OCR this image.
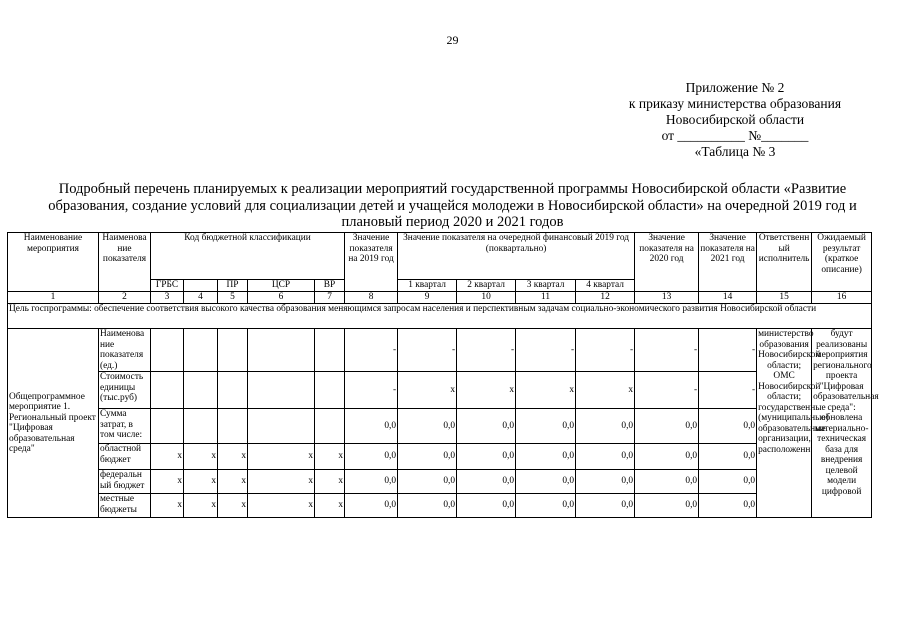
29
Приложение № 2
к приказу министерства образования
Новосибирской области
от __________ №_______
«Таблица № 3
Подробный перечень планируемых к реализации мероприятий государственной программы Новосибирской области «Развитие образования, создание условий для социализации детей и учащейся молодежи в Новосибирской области» на очередной 2019 год и плановый период 2020 и 2021 годов
Наименование мероприятия	Наименова ние показателя	Код бюджетной классификации					Значение показателя на 2019 год	Значение показателя на очередной финансовый 2019 год (поквартально)				Значение показателя на 2020 год	Значение показателя на 2021 год	Ответственн ый исполнитель	Ожидаемый результат (краткое описание)
		ГРБС		ПР	ЦСР	ВР		1 квартал	2 квартал	3 квартал	4 квартал				
1	2	3	4	5	6	7	8	9	10	11	12	13	14	15	16
Цель госпрограммы: обеспечение соответствия высокого качества образования меняющимся запросам населения и перспективным задачам социально-экономического развития Новосибирской области															
Общепрограммное мероприятие 1. Региональный проект "Цифровая образовательная среда"	Наименова ние показателя (ед.)						-	-	-	-	-	-	-	министерство образования Новосибирской области; ОМС Новосибирской области; государственные (муниципальные) образовательные организации, расположенн	будут реализованы мероприятия регионального проекта "Цифровая образовательная среда": обновлена материально-техническая база для внедрения целевой модели цифровой
	Стоимость единицы (тыс.руб)						-	x	x	x	x	-	-		
	Сумма затрат, в том числе:						0,0	0,0	0,0	0,0	0,0	0,0	0,0		
	областной бюджет	x	x	x	x	x	0,0	0,0	0,0	0,0	0,0	0,0	0,0		
	федеральн ый бюджет	x	x	x	x	x	0,0	0,0	0,0	0,0	0,0	0,0	0,0		
	местные бюджеты	x	x	x	x	x	0,0	0,0	0,0	0,0	0,0	0,0	0,0		
